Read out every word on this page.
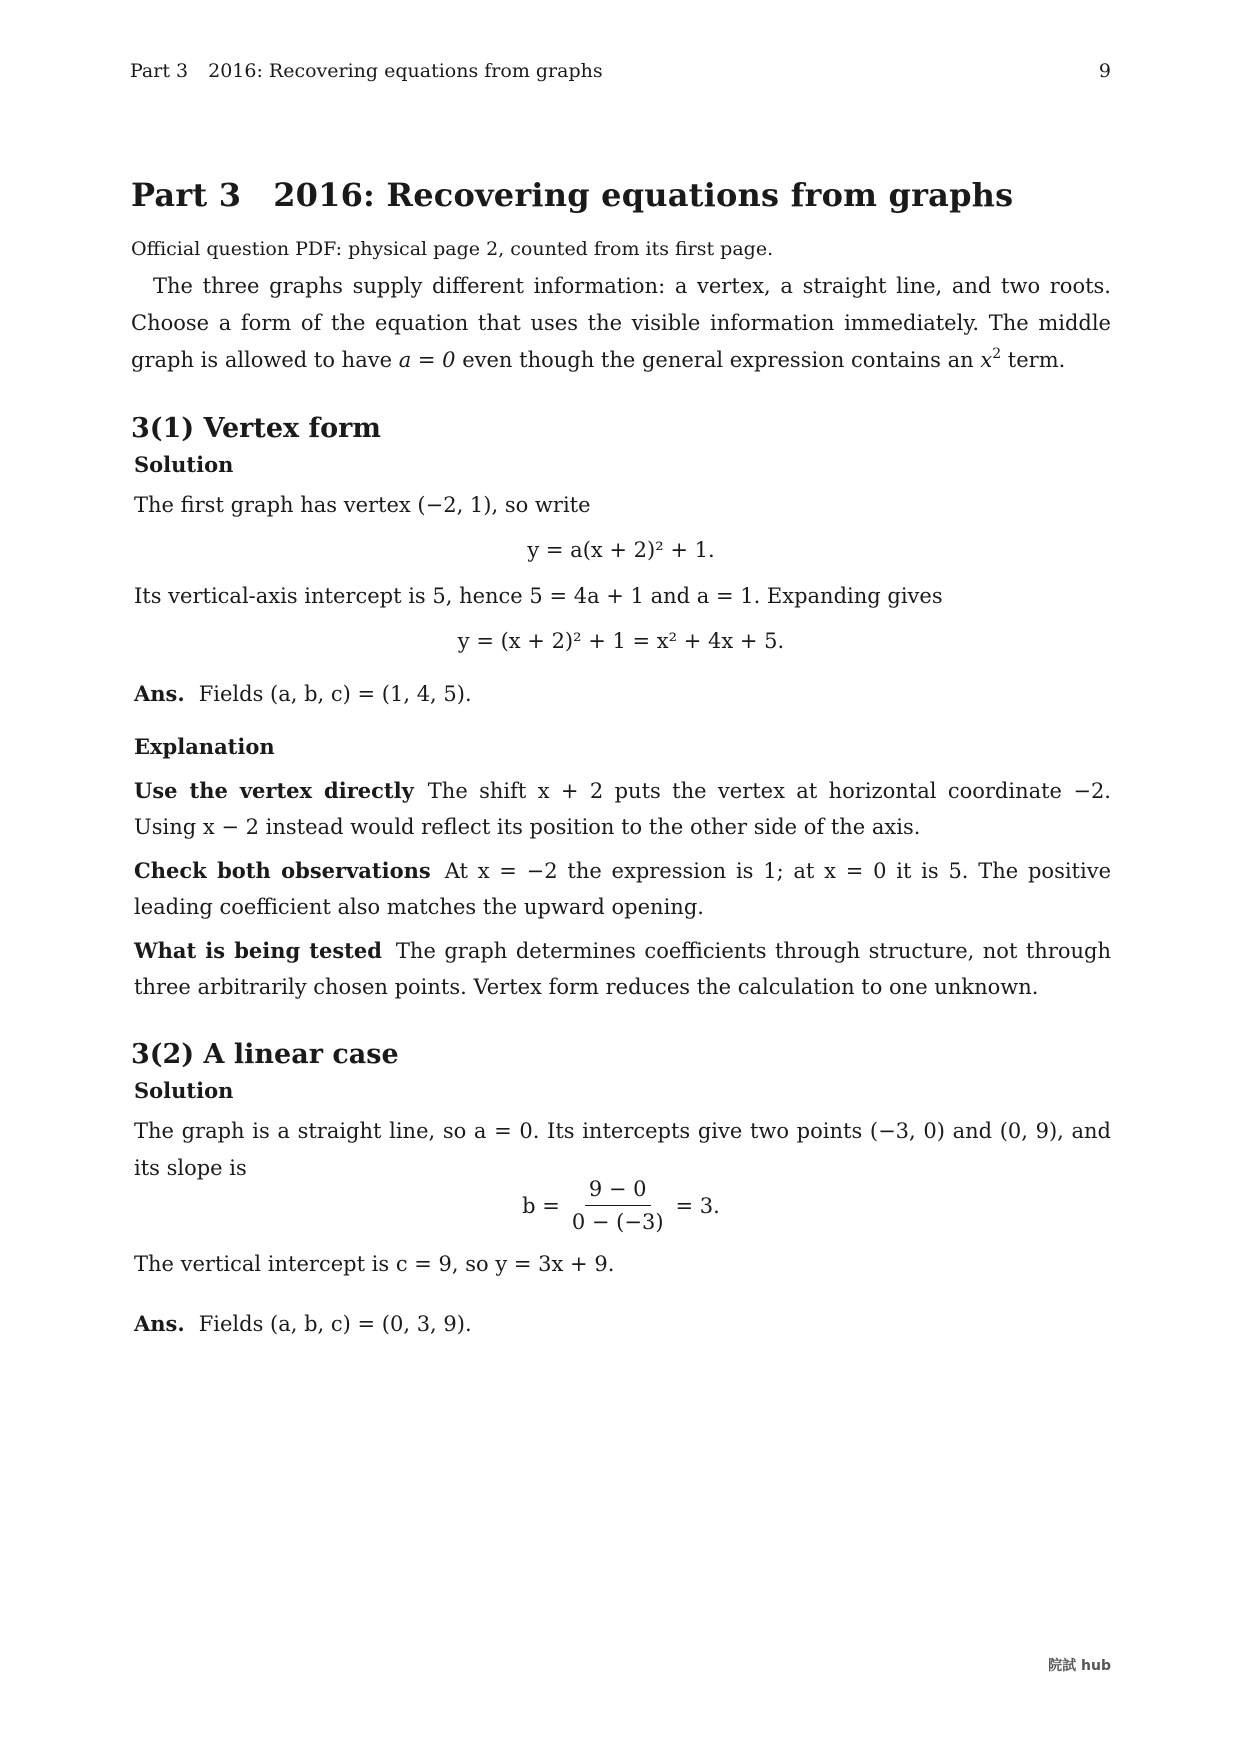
Part 3 2016: Recovering equations from graphs	9
Part 3 2016: Recovering equations from graphs
Official question PDF: physical page 2, counted from its first page.

The three graphs supply different information: a vertex, a straight line, and two roots. Choose a form of the equation that uses the visible information immediately. The middle graph is allowed to have a = 0 even though the general expression contains an $x^2$ term.

3(1) Vertex form
Solution

The first graph has vertex (−2, 1), so write

y = a(x + 2)² + 1.

Its vertical-axis intercept is 5, hence 5 = 4a + 1 and a = 1. Expanding gives

y = (x + 2)² + 1 = x² + 4x + 5.
Ans. Fields (a, b, c) = (1, 4, 5).
Explanation
Use the vertex directly The shift x + 2 puts the vertex at horizontal coordinate −2. Using x − 2 instead would reflect its position to the other side of the axis.
Check both observations At x = −2 the expression is 1; at x = 0 it is 5. The positive leading coefficient also matches the upward opening.
What is being tested The graph determines coefficients through structure, not through three arbitrarily chosen points. Vertex form reduces the calculation to one unknown.
3(2) A linear case
Solution

The graph is a straight line, so a = 0. Its intercepts give two points (−3, 0) and (0, 9), and its slope is

$b = \frac{9 - 0}{0 - (-3)} = 3$.

The vertical intercept is c = 9, so y = 3x + 9.

Ans. Fields (a, b, c) = (0, 3, 9).
院試 hub
